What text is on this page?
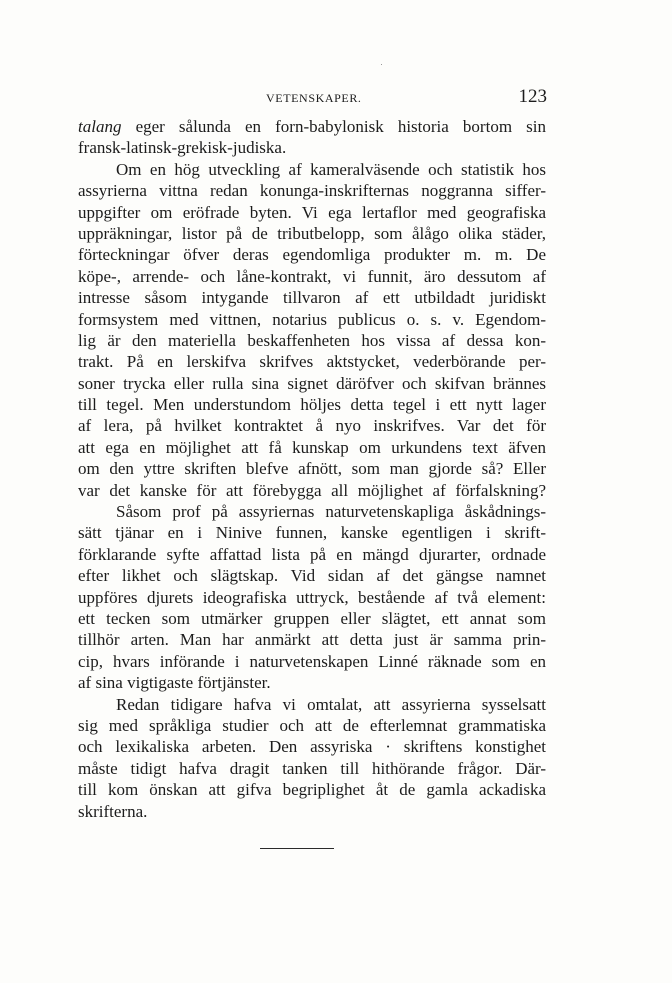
VETENSKAPER.	123
talang eger sålunda en forn-babylonisk historia bortom sin
fransk-latinsk-grekisk-judiska.
Om en hög utveckling af kameralväsende och statistik hos
assyrierna vittna redan konunga-inskrifternas noggranna siffer-
uppgifter om eröfrade byten. Vi ega lertaflor med geografiska
uppräkningar, listor på de tributbelopp, som ålågo olika städer,
förteckningar öfver deras egendomliga produkter m. m. De
köpe-, arrende- och låne-kontrakt, vi funnit, äro dessutom af
intresse såsom intygande tillvaron af ett utbildadt juridiskt
formsystem med vittnen, notarius publicus o. s. v. Egendom-
lig är den materiella beskaffenheten hos vissa af dessa kon-
trakt. På en lerskifva skrifves aktstycket, vederbörande per-
soner trycka eller rulla sina signet däröfver och skifvan brännes
till tegel. Men understundom höljes detta tegel i ett nytt lager
af lera, på hvilket kontraktet å nyo inskrifves. Var det för
att ega en möjlighet att få kunskap om urkundens text äfven
om den yttre skriften blefve afnött, som man gjorde så? Eller
var det kanske för att förebygga all möjlighet af förfalskning?
Såsom prof på assyriernas naturvetenskapliga åskådnings-
sätt tjänar en i Ninive funnen, kanske egentligen i skrift-
förklarande syfte affattad lista på en mängd djurarter, ordnade
efter likhet och slägtskap. Vid sidan af det gängse namnet
uppföres djurets ideografiska uttryck, bestående af två element:
ett tecken som utmärker gruppen eller slägtet, ett annat som
tillhör arten. Man har anmärkt att detta just är samma prin-
cip, hvars införande i naturvetenskapen Linné räknade som en
af sina vigtigaste förtjänster.
Redan tidigare hafva vi omtalat, att assyrierna sysselsatt
sig med språkliga studier och att de efterlemnat grammatiska
och lexikaliska arbeten. Den assyriska · skriftens konstighet
måste tidigt hafva dragit tanken till hithörande frågor. Där-
till kom önskan att gifva begriplighet åt de gamla ackadiska
skrifterna.
